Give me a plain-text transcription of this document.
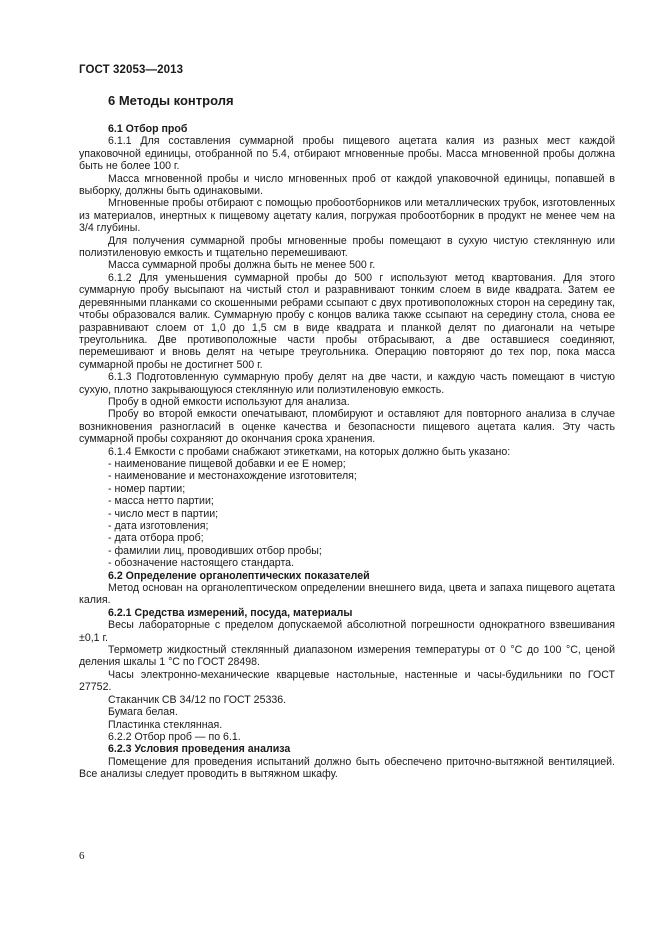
ГОСТ 32053—2013
6 Методы контроля

6.1 Отбор проб

6.1.1 Для составления суммарной пробы пищевого ацетата калия из разных мест каждой упаковочной единицы, отобранной по 5.4, отбирают мгновенные пробы. Масса мгновенной пробы должна быть не более 100 г.

Масса мгновенной пробы и число мгновенных проб от каждой упаковочной единицы, попавшей в выборку, должны быть одинаковыми.

Мгновенные пробы отбирают с помощью пробоотборников или металлических трубок, изготовленных из материалов, инертных к пищевому ацетату калия, погружая пробоотборник в продукт не менее чем на 3/4 глубины.

Для получения суммарной пробы мгновенные пробы помещают в сухую чистую стеклянную или полиэтиленовую емкость и тщательно перемешивают.

Масса суммарной пробы должна быть не менее 500 г.

6.1.2 Для уменьшения суммарной пробы до 500 г используют метод квартования. Для этого суммарную пробу высыпают на чистый стол и разравнивают тонким слоем в виде квадрата. Затем ее деревянными планками со скошенными ребрами ссыпают с двух противоположных сторон на середину так, чтобы образовался валик. Суммарную пробу с концов валика также ссыпают на середину стола, снова ее разравнивают слоем от 1,0 до 1,5 см в виде квадрата и планкой делят по диагонали на четыре треугольника. Две противоположные части пробы отбрасывают, а две оставшиеся соединяют, перемешивают и вновь делят на четыре треугольника. Операцию повторяют до тех пор, пока масса суммарной пробы не достигнет 500 г.

6.1.3 Подготовленную суммарную пробу делят на две части, и каждую часть помещают в чистую сухую, плотно закрывающуюся стеклянную или полиэтиленовую емкость.

Пробу в одной емкости используют для анализа.

Пробу во второй емкости опечатывают, пломбируют и оставляют для повторного анализа в случае возникновения разногласий в оценке качества и безопасности пищевого ацетата калия. Эту часть суммарной пробы сохраняют до окончания срока хранения.

6.1.4 Емкости с пробами снабжают этикетками, на которых должно быть указано:

- наименование пищевой добавки и ее Е номер;

- наименование и местонахождение изготовителя;

- номер партии;

- масса нетто партии;

- число мест в партии;

- дата изготовления;

- дата отбора проб;

- фамилии лиц, проводивших отбор пробы;

- обозначение настоящего стандарта.

6.2 Определение органолептических показателей

Метод основан на органолептическом определении внешнего вида, цвета и запаха пищевого ацетата калия.

6.2.1 Средства измерений, посуда, материалы

Весы лабораторные с пределом допускаемой абсолютной погрешности однократного взвешивания ±0,1 г.

Термометр жидкостный стеклянный диапазоном измерения температуры от 0 °С до 100 °С, ценой деления шкалы 1 °С по ГОСТ 28498.

Часы электронно-механические кварцевые настольные, настенные и часы-будильники по ГОСТ 27752.

Стаканчик СВ 34/12 по ГОСТ 25336.

Бумага белая.

Пластинка стеклянная.

6.2.2 Отбор проб — по 6.1.

6.2.3 Условия проведения анализа

Помещение для проведения испытаний должно быть обеспечено приточно-вытяжной вентиляцией. Все анализы следует проводить в вытяжном шкафу.

6
